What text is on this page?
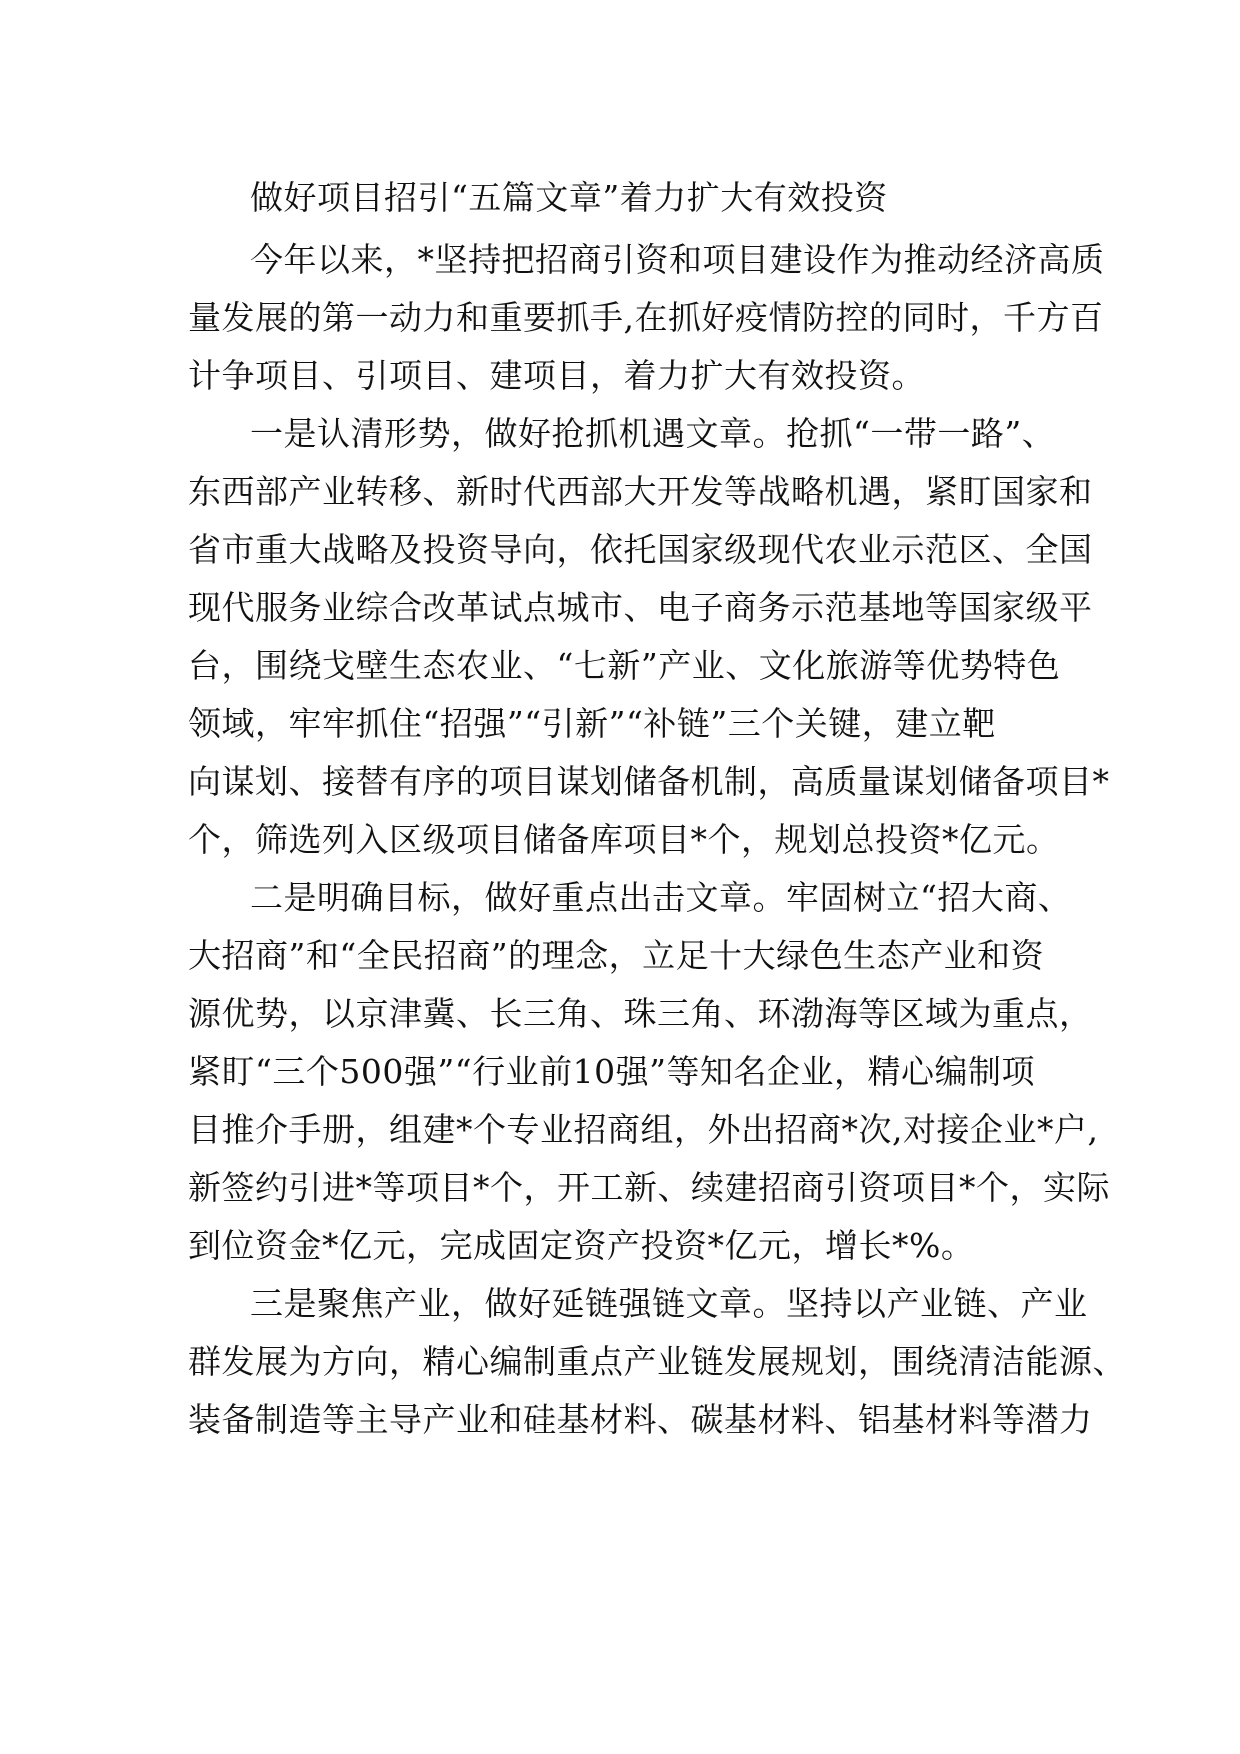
做好项目招引“五篇文章”着力扩大有效投资
今年以来，*坚持把招商引资和项目建设作为推动经济高质
量发展的第一动力和重要抓手,在抓好疫情防控的同时，千方百
计争项目、引项目、建项目，着力扩大有效投资。
一是认清形势，做好抢抓机遇文章。抢抓“一带一路”、
东西部产业转移、新时代西部大开发等战略机遇，紧盯国家和
省市重大战略及投资导向，依托国家级现代农业示范区、全国
现代服务业综合改革试点城市、电子商务示范基地等国家级平
台，围绕戈壁生态农业、“七新”产业、文化旅游等优势特色
领域，牢牢抓住“招强”“引新”“补链”三个关键，建立靶
向谋划、接替有序的项目谋划储备机制，高质量谋划储备项目*
个，筛选列入区级项目储备库项目*个，规划总投资*亿元。
二是明确目标，做好重点出击文章。牢固树立“招大商、
大招商”和“全民招商”的理念，立足十大绿色生态产业和资
源优势，以京津冀、长三角、珠三角、环渤海等区域为重点，
紧盯“三个500强”“行业前10强”等知名企业，精心编制项
目推介手册，组建*个专业招商组，外出招商*次,对接企业*户,
新签约引进*等项目*个，开工新、续建招商引资项目*个，实际
到位资金*亿元，完成固定资产投资*亿元，增长*%。
三是聚焦产业，做好延链强链文章。坚持以产业链、产业
群发展为方向，精心编制重点产业链发展规划，围绕清洁能源、
装备制造等主导产业和硅基材料、碳基材料、铝基材料等潜力
